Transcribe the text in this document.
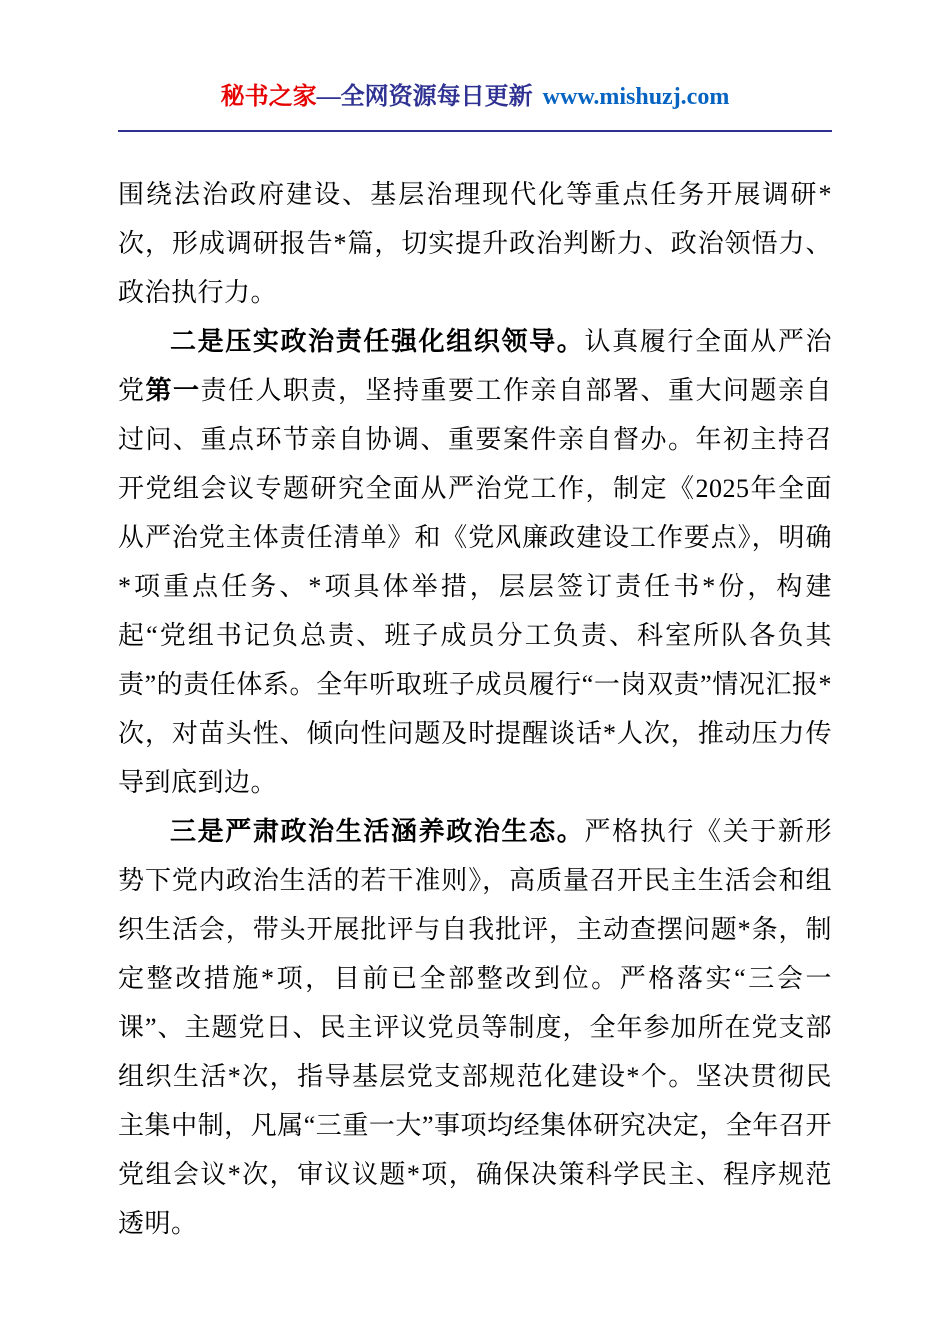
秘书之家—全网资源每日更新 www.mishuzj.com

围绕法治政府建设、基层治理现代化等重点任务开展调研*次，形成调研报告*篇，切实提升政治判断力、政治领悟力、政治执行力。

二是压实政治责任强化组织领导。认真履行全面从严治党第一责任人职责，坚持重要工作亲自部署、重大问题亲自过问、重点环节亲自协调、重要案件亲自督办。年初主持召开党组会议专题研究全面从严治党工作，制定《2025年全面从严治党主体责任清单》和《党风廉政建设工作要点》，明确*项重点任务、*项具体举措，层层签订责任书*份，构建起“党组书记负总责、班子成员分工负责、科室所队各负其责”的责任体系。全年听取班子成员履行“一岗双责”情况汇报*次，对苗头性、倾向性问题及时提醒谈话*人次，推动压力传导到底到边。

三是严肃政治生活涵养政治生态。严格执行《关于新形势下党内政治生活的若干准则》，高质量召开民主生活会和组织生活会，带头开展批评与自我批评，主动查摆问题*条，制定整改措施*项，目前已全部整改到位。严格落实“三会一课”、主题党日、民主评议党员等制度，全年参加所在党支部组织生活*次，指导基层党支部规范化建设*个。坚决贯彻民主集中制，凡属“三重一大”事项均经集体研究决定，全年召开党组会议*次，审议议题*项，确保决策科学民主、程序规范透明。
